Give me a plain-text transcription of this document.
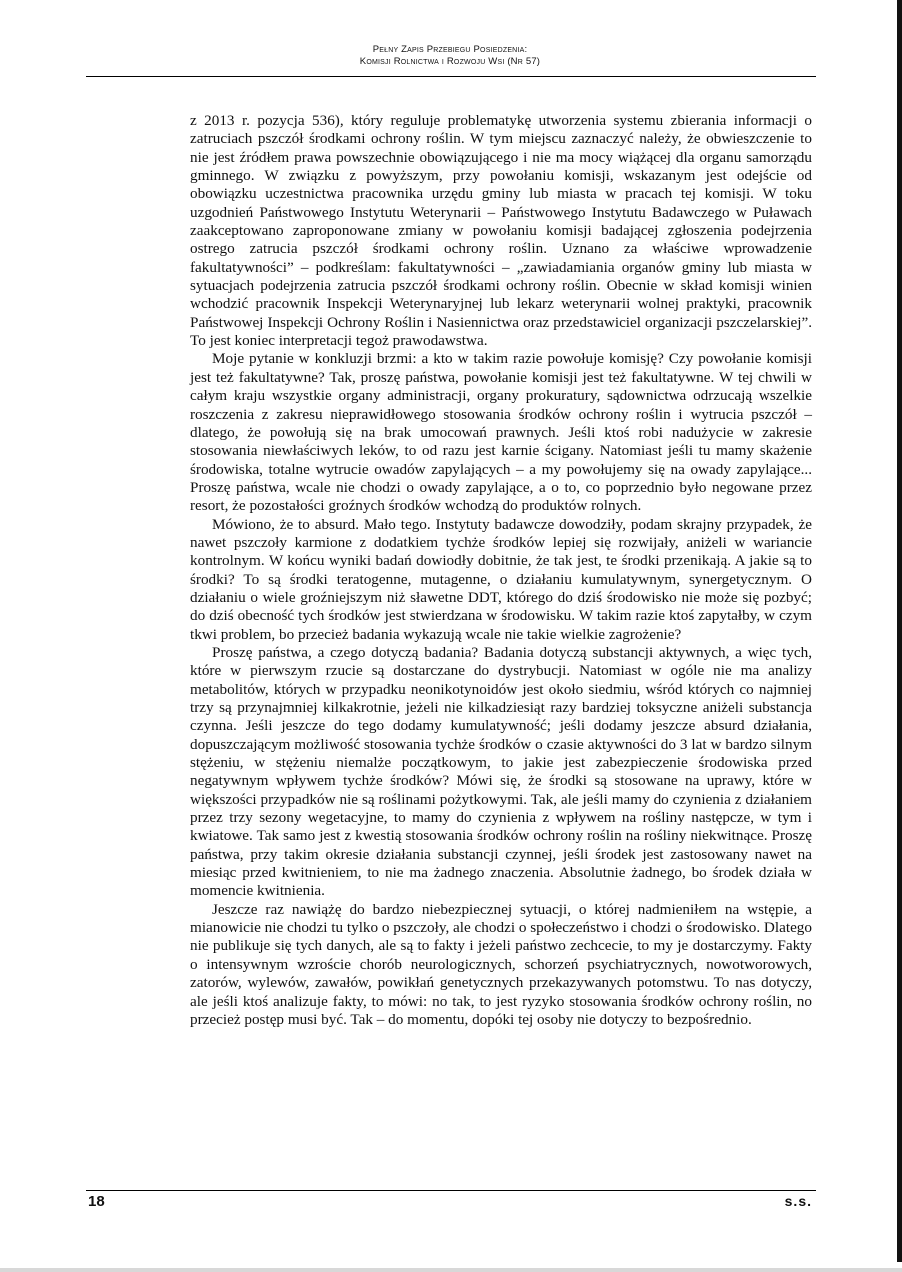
Pełny Zapis Przebiegu Posiedzenia:
Komisji Rolnictwa i Rozwoju Wsi (Nr 57)

z 2013 r. pozycja 536), który reguluje problematykę utworzenia systemu zbierania informacji o zatruciach pszczół środkami ochrony roślin. W tym miejscu zaznaczyć należy, że obwieszczenie to nie jest źródłem prawa powszechnie obowiązującego i nie ma mocy wiążącej dla organu samorządu gminnego. W związku z powyższym, przy powołaniu komisji, wskazanym jest odejście od obowiązku uczestnictwa pracownika urzędu gminy lub miasta w pracach tej komisji. W toku uzgodnień Państwowego Instytutu Weterynarii – Państwowego Instytutu Badawczego w Puławach zaakceptowano zaproponowane zmiany w powołaniu komisji badającej zgłoszenia podejrzenia ostrego zatrucia pszczół środkami ochrony roślin. Uznano za właściwe wprowadzenie fakultatywności” – podkreślam: fakultatywności – „zawiadamiania organów gminy lub miasta w sytuacjach podejrzenia zatrucia pszczół środkami ochrony roślin. Obecnie w skład komisji winien wchodzić pracownik Inspekcji Weterynaryjnej lub lekarz weterynarii wolnej praktyki, pracownik Państwowej Inspekcji Ochrony Roślin i Nasiennictwa oraz przedstawiciel organizacji pszczelarskiej”. To jest koniec interpretacji tegoż prawodawstwa.

Moje pytanie w konkluzji brzmi: a kto w takim razie powołuje komisję? Czy powołanie komisji jest też fakultatywne? Tak, proszę państwa, powołanie komisji jest też fakultatywne. W tej chwili w całym kraju wszystkie organy administracji, organy prokuratury, sądownictwa odrzucają wszelkie roszczenia z zakresu nieprawidłowego stosowania środków ochrony roślin i wytrucia pszczół – dlatego, że powołują się na brak umocowań prawnych. Jeśli ktoś robi nadużycie w zakresie stosowania niewłaściwych leków, to od razu jest karnie ścigany. Natomiast jeśli tu mamy skażenie środowiska, totalne wytrucie owadów zapylających – a my powołujemy się na owady zapylające... Proszę państwa, wcale nie chodzi o owady zapylające, a o to, co poprzednio było negowane przez resort, że pozostałości groźnych środków wchodzą do produktów rolnych.

Mówiono, że to absurd. Mało tego. Instytuty badawcze dowodziły, podam skrajny przypadek, że nawet pszczoły karmione z dodatkiem tychże środków lepiej się rozwijały, aniżeli w wariancie kontrolnym. W końcu wyniki badań dowiodły dobitnie, że tak jest, te środki przenikają. A jakie są to środki? To są środki teratogenne, mutagenne, o działaniu kumulatywnym, synergetycznym. O działaniu o wiele groźniejszym niż sławetne DDT, którego do dziś środowisko nie może się pozbyć; do dziś obecność tych środków jest stwierdzana w środowisku. W takim razie ktoś zapytałby, w czym tkwi problem, bo przecież badania wykazują wcale nie takie wielkie zagrożenie?

Proszę państwa, a czego dotyczą badania? Badania dotyczą substancji aktywnych, a więc tych, które w pierwszym rzucie są dostarczane do dystrybucji. Natomiast w ogóle nie ma analizy metabolitów, których w przypadku neonikotynoidów jest około siedmiu, wśród których co najmniej trzy są przynajmniej kilkakrotnie, jeżeli nie kilkadziesiąt razy bardziej toksyczne aniżeli substancja czynna. Jeśli jeszcze do tego dodamy kumulatywność; jeśli dodamy jeszcze absurd działania, dopuszczającym możliwość stosowania tychże środków o czasie aktywności do 3 lat w bardzo silnym stężeniu, w stężeniu niemalże początkowym, to jakie jest zabezpieczenie środowiska przed negatywnym wpływem tychże środków? Mówi się, że środki są stosowane na uprawy, które w większości przypadków nie są roślinami pożytkowymi. Tak, ale jeśli mamy do czynienia z działaniem przez trzy sezony wegetacyjne, to mamy do czynienia z wpływem na rośliny następcze, w tym i kwiatowe. Tak samo jest z kwestią stosowania środków ochrony roślin na rośliny niekwitnące. Proszę państwa, przy takim okresie działania substancji czynnej, jeśli środek jest zastosowany nawet na miesiąc przed kwitnieniem, to nie ma żadnego znaczenia. Absolutnie żadnego, bo środek działa w momencie kwitnienia.

Jeszcze raz nawiążę do bardzo niebezpiecznej sytuacji, o której nadmieniłem na wstępie, a mianowicie nie chodzi tu tylko o pszczoły, ale chodzi o społeczeństwo i chodzi o środowisko. Dlatego nie publikuje się tych danych, ale są to fakty i jeżeli państwo zechcecie, to my je dostarczymy. Fakty o intensywnym wzroście chorób neurologicznych, schorzeń psychiatrycznych, nowotworowych, zatorów, wylewów, zawałów, powikłań genetycznych przekazywanych potomstwu. To nas dotyczy, ale jeśli ktoś analizuje fakty, to mówi: no tak, to jest ryzyko stosowania środków ochrony roślin, no przecież postęp musi być. Tak – do momentu, dopóki tej osoby nie dotyczy to bezpośrednio.

18	s.s.
